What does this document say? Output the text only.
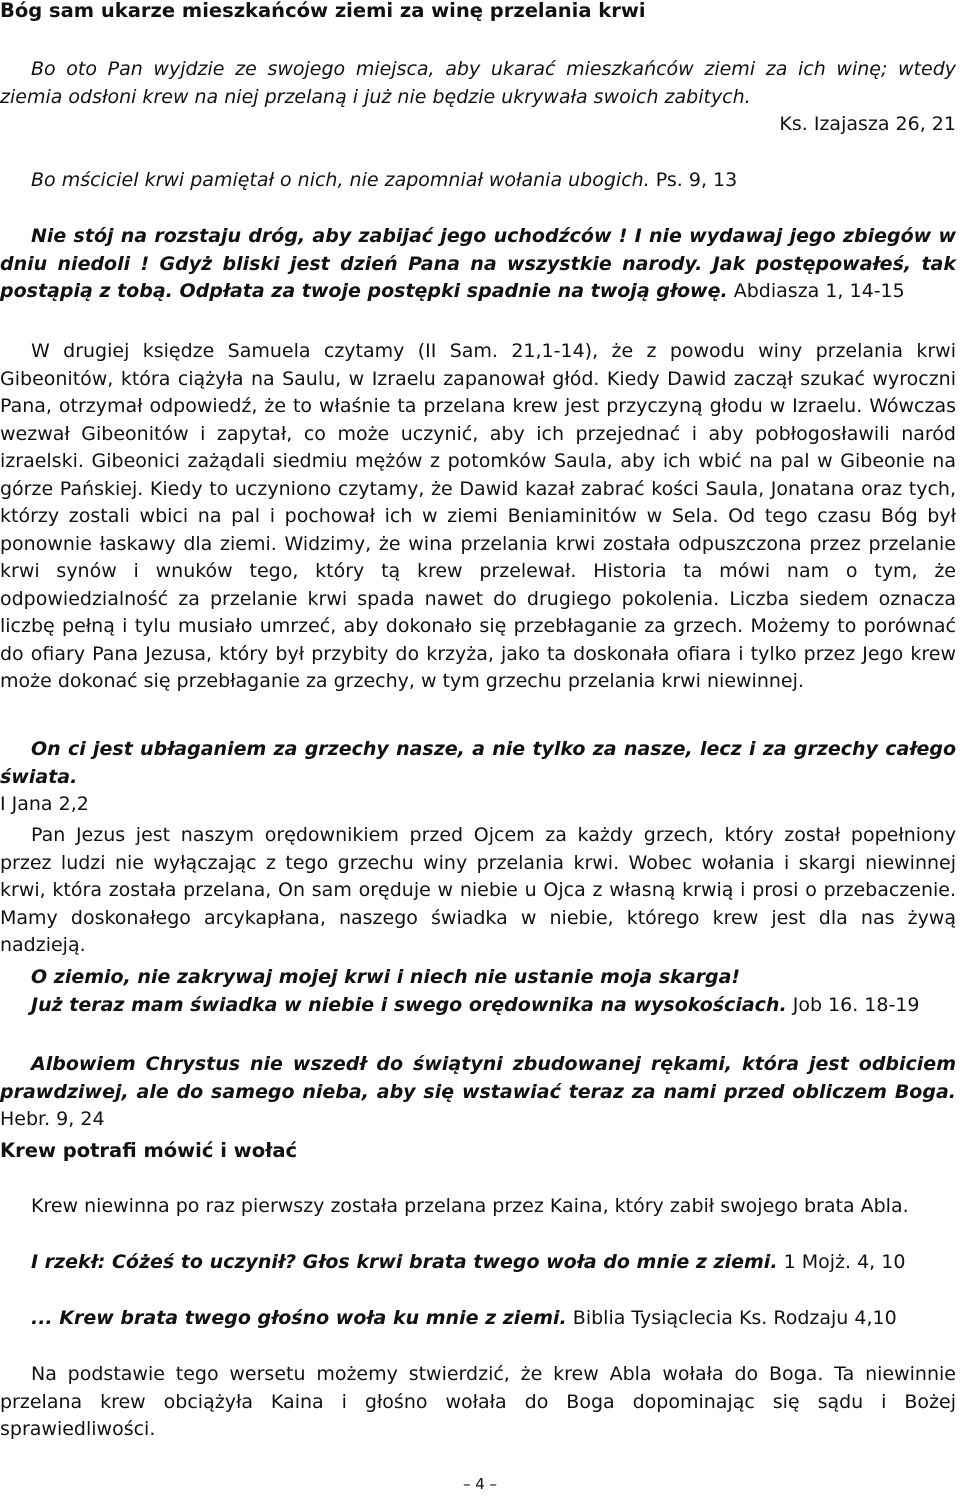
Bóg sam ukarze mieszkańców ziemi za winę przelania krwi

Bo oto Pan wyjdzie ze swojego miejsca, aby ukarać mieszkańców ziemi za ich winę; wtedy ziemia odsłoni krew na niej przelaną i już nie będzie ukrywała swoich zabitych.

Ks. Izajasza 26, 21

Bo mściciel krwi pamiętał o nich, nie zapomniał wołania ubogich. Ps. 9, 13

Nie stój na rozstaju dróg, aby zabijać jego uchodźców ! I nie wydawaj jego zbiegów w dniu niedoli ! Gdyż bliski jest dzień Pana na wszystkie narody. Jak postępowałeś, tak postąpią z tobą. Odpłata za twoje postępki spadnie na twoją głowę. Abdiasza 1, 14-15

W drugiej księdze Samuela czytamy (II Sam. 21,1-14), że z powodu winy przelania krwi Gibeonitów, która ciążyła na Saulu, w Izraelu zapanował głód. Kiedy Dawid zaczął szukać wyroczni Pana, otrzymał odpowiedź, że to właśnie ta przelana krew jest przyczyną głodu w Izraelu. Wówczas wezwał Gibeonitów i zapytał, co może uczynić, aby ich przejednać i aby pobłogosławili naród izraelski. Gibeonici zażądali siedmiu mężów z potomków Saula, aby ich wbić na pal w Gibeonie na górze Pańskiej. Kiedy to uczyniono czytamy, że Dawid kazał zabrać kości Saula, Jonatana oraz tych, którzy zostali wbici na pal i pochował ich w ziemi Beniaminitów w Sela. Od tego czasu Bóg był ponownie łaskawy dla ziemi. Widzimy, że wina przelania krwi została odpuszczona przez przelanie krwi synów i wnuków tego, który tą krew przelewał. Historia ta mówi nam o tym, że odpowiedzialność za przelanie krwi spada nawet do drugiego pokolenia. Liczba siedem oznacza liczbę pełną i tylu musiało umrzeć, aby dokonało się przebłaganie za grzech. Możemy to porównać do ofiary Pana Jezusa, który był przybity do krzyża, jako ta doskonała ofiara i tylko przez Jego krew może dokonać się przebłaganie za grzechy, w tym grzechu przelania krwi niewinnej.

On ci jest ubłaganiem za grzechy nasze, a nie tylko za nasze, lecz i za grzechy całego świata.

I Jana 2,2

Pan Jezus jest naszym orędownikiem przed Ojcem za każdy grzech, który został popełniony przez ludzi nie wyłączając z tego grzechu winy przelania krwi. Wobec wołania i skargi niewinnej krwi, która została przelana, On sam oręduje w niebie u Ojca z własną krwią i prosi o przebaczenie. Mamy doskonałego arcykapłana, naszego świadka w niebie, którego krew jest dla nas żywą nadzieją.

O ziemio, nie zakrywaj mojej krwi i niech nie ustanie moja skarga!

Już teraz mam świadka w niebie i swego orędownika na wysokościach. Job 16. 18-19

Albowiem Chrystus nie wszedł do świątyni zbudowanej rękami, która jest odbiciem prawdziwej, ale do samego nieba, aby się wstawiać teraz za nami przed obliczem Boga. Hebr. 9, 24

Krew potrafi mówić i wołać

Krew niewinna po raz pierwszy została przelana przez Kaina, który zabił swojego brata Abla.

I rzekł: Cóżeś to uczynił? Głos krwi brata twego woła do mnie z ziemi. 1 Mojż. 4, 10

... Krew brata twego głośno woła ku mnie z ziemi. Biblia Tysiąclecia Ks. Rodzaju 4,10

Na podstawie tego wersetu możemy stwierdzić, że krew Abla wołała do Boga. Ta niewinnie przelana krew obciążyła Kaina i głośno wołała do Boga dopominając się sądu i Bożej sprawiedliwości.

– 4 –
